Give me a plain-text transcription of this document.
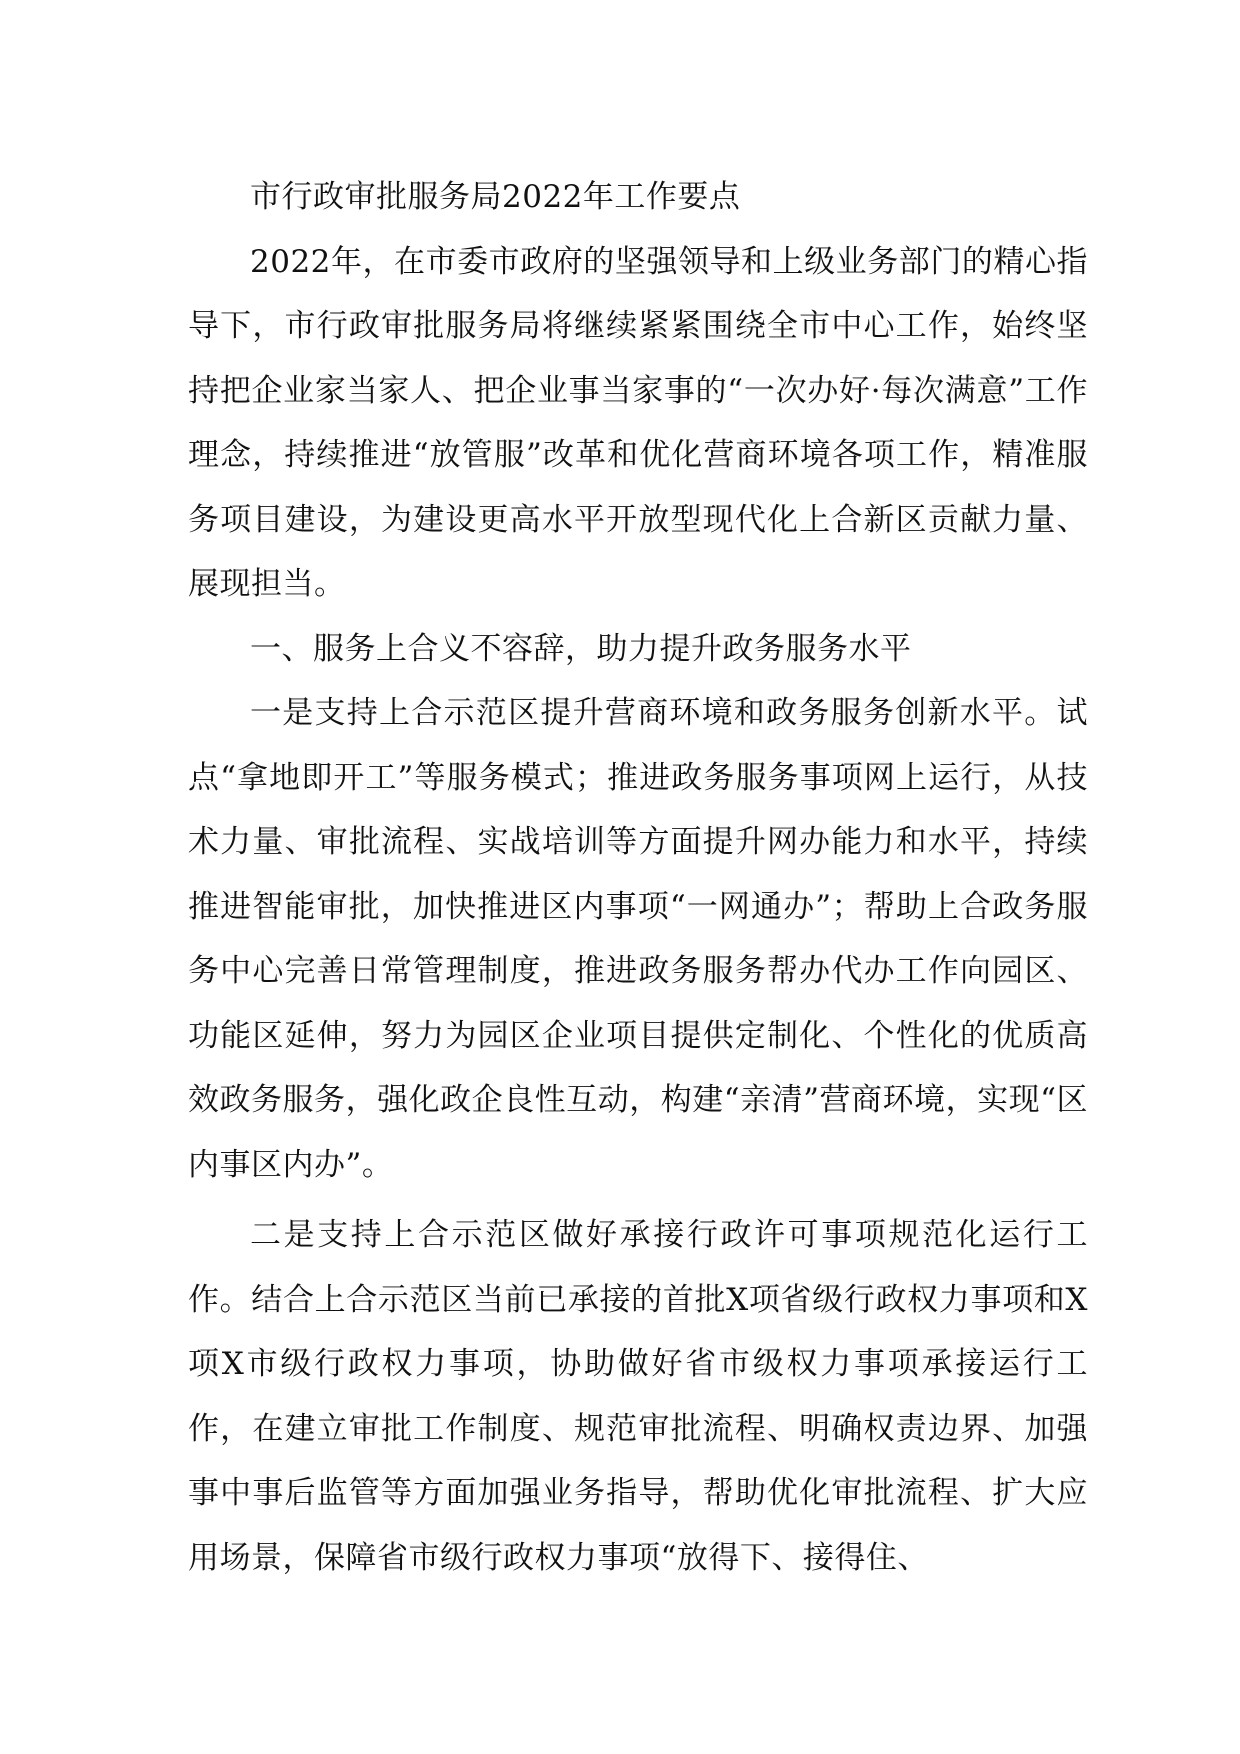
市行政审批服务局2022年工作要点

2022年，在市委市政府的坚强领导和上级业务部门的精心指导下，市行政审批服务局将继续紧紧围绕全市中心工作，始终坚持把企业家当家人、把企业事当家事的“一次办好·每次满意”工作理念，持续推进“放管服”改革和优化营商环境各项工作，精准服务项目建设，为建设更高水平开放型现代化上合新区贡献力量、展现担当。

一、服务上合义不容辞，助力提升政务服务水平

一是支持上合示范区提升营商环境和政务服务创新水平。试点“拿地即开工”等服务模式；推进政务服务事项网上运行，从技术力量、审批流程、实战培训等方面提升网办能力和水平，持续推进智能审批，加快推进区内事项“一网通办”；帮助上合政务服务中心完善日常管理制度，推进政务服务帮办代办工作向园区、功能区延伸，努力为园区企业项目提供定制化、个性化的优质高效政务服务，强化政企良性互动，构建“亲清”营商环境，实现“区内事区内办”。

二是支持上合示范区做好承接行政许可事项规范化运行工作。结合上合示范区当前已承接的首批X项省级行政权力事项和X项X市级行政权力事项，协助做好省市级权力事项承接运行工作，在建立审批工作制度、规范审批流程、明确权责边界、加强事中事后监管等方面加强业务指导，帮助优化审批流程、扩大应用场景，保障省市级行政权力事项“放得下、接得住、
